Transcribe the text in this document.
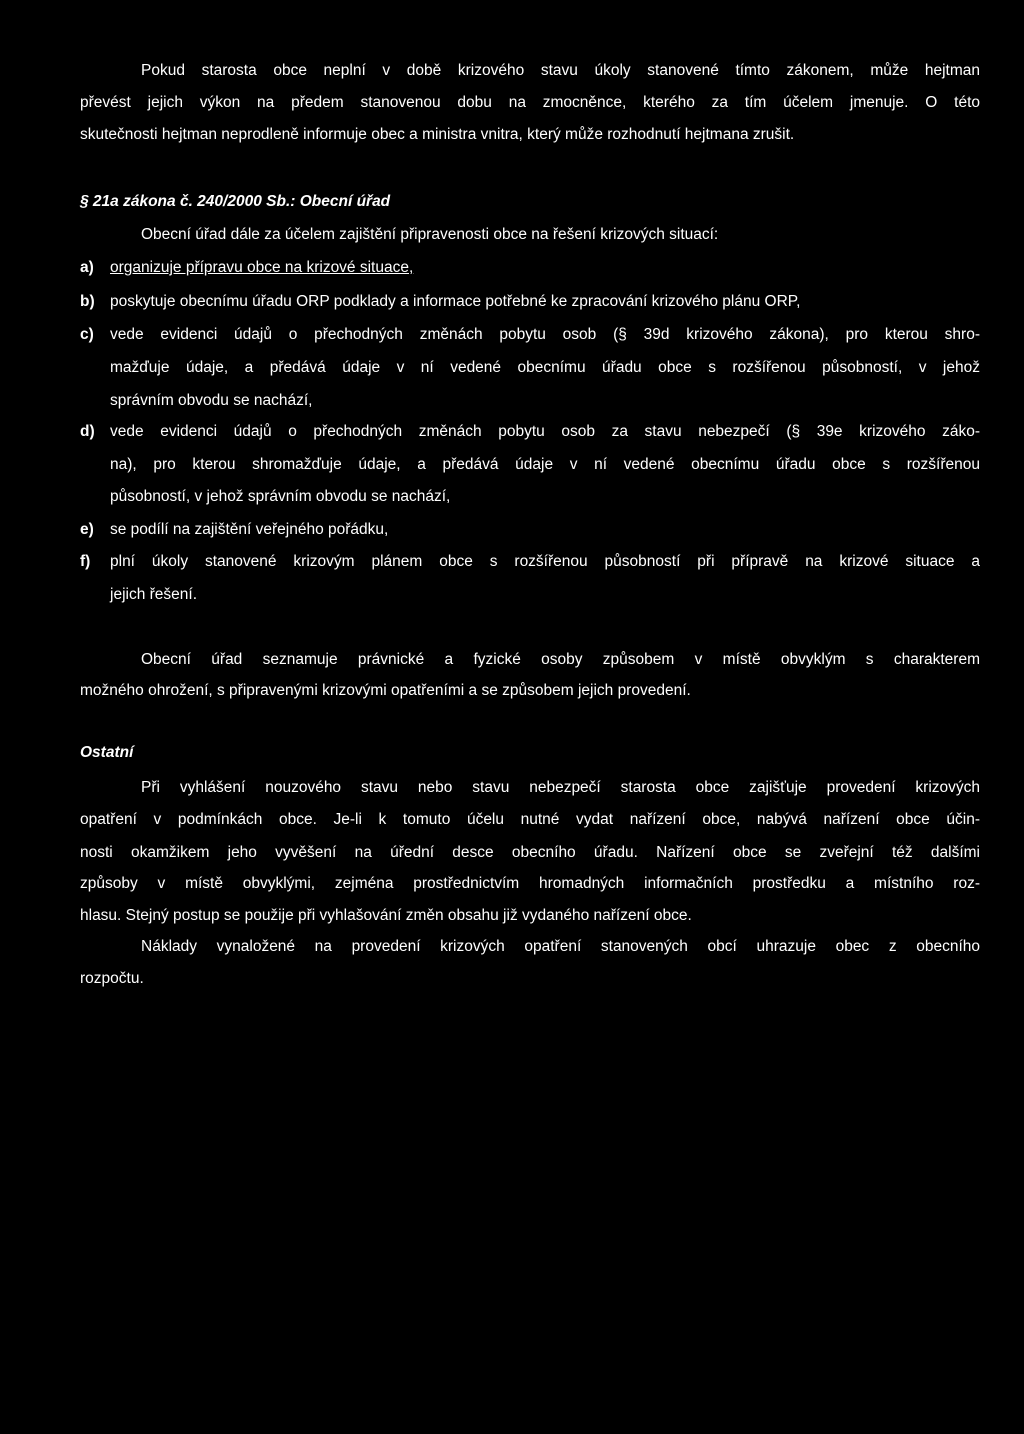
Pokud starosta obce neplní v době krizového stavu úkoly stanovené tímto zákonem, může hejtman
převést jejich výkon na předem stanovenou dobu na zmocněnce, kterého za tím účelem jmenuje. O této
skutečnosti hejtman neprodleně informuje obec a ministra vnitra, který může rozhodnutí hejtmana zrušit.
§ 21a zákona č. 240/2000 Sb.: Obecní úřad
Obecní úřad dále za účelem zajištění připravenosti obce na řešení krizových situací:
a) organizuje přípravu obce na krizové situace,
b) poskytuje obecnímu úřadu ORP podklady a informace potřebné ke zpracování krizového plánu ORP,
c) vede evidenci údajů o přechodných změnách pobytu osob (§ 39d krizového zákona), pro kterou shro-
mažďuje údaje, a předává údaje v ní vedené obecnímu úřadu obce s rozšířenou působností, v jehož
správním obvodu se nachází,
d) vede evidenci údajů o přechodných změnách pobytu osob za stavu nebezpečí (§ 39e krizového záko-
na), pro kterou shromažďuje údaje, a předává údaje v ní vedené obecnímu úřadu obce s rozšířenou
působností, v jehož správním obvodu se nachází,
e) se podílí na zajištění veřejného pořádku,
f) plní úkoly stanovené krizovým plánem obce s rozšířenou působností při přípravě na krizové situace a
jejich řešení.
Obecní úřad seznamuje právnické a fyzické osoby způsobem v místě obvyklým s charakterem
možného ohrožení, s připravenými krizovými opatřeními a se způsobem jejich provedení.
Ostatní
Při vyhlášení nouzového stavu nebo stavu nebezpečí starosta obce zajišťuje provedení krizových
opatření v podmínkách obce. Je-li k tomuto účelu nutné vydat nařízení obce, nabývá nařízení obce účin-
nosti okamžikem jeho vyvěšení na úřední desce obecního úřadu. Nařízení obce se zveřejní též dalšími
způsoby v místě obvyklými, zejména prostřednictvím hromadných informačních prostředku a místního roz-
hlasu. Stejný postup se použije při vyhlašování změn obsahu již vydaného nařízení obce.
Náklady vynaložené na provedení krizových opatření stanovených obcí uhrazuje obec z obecního
rozpočtu.
